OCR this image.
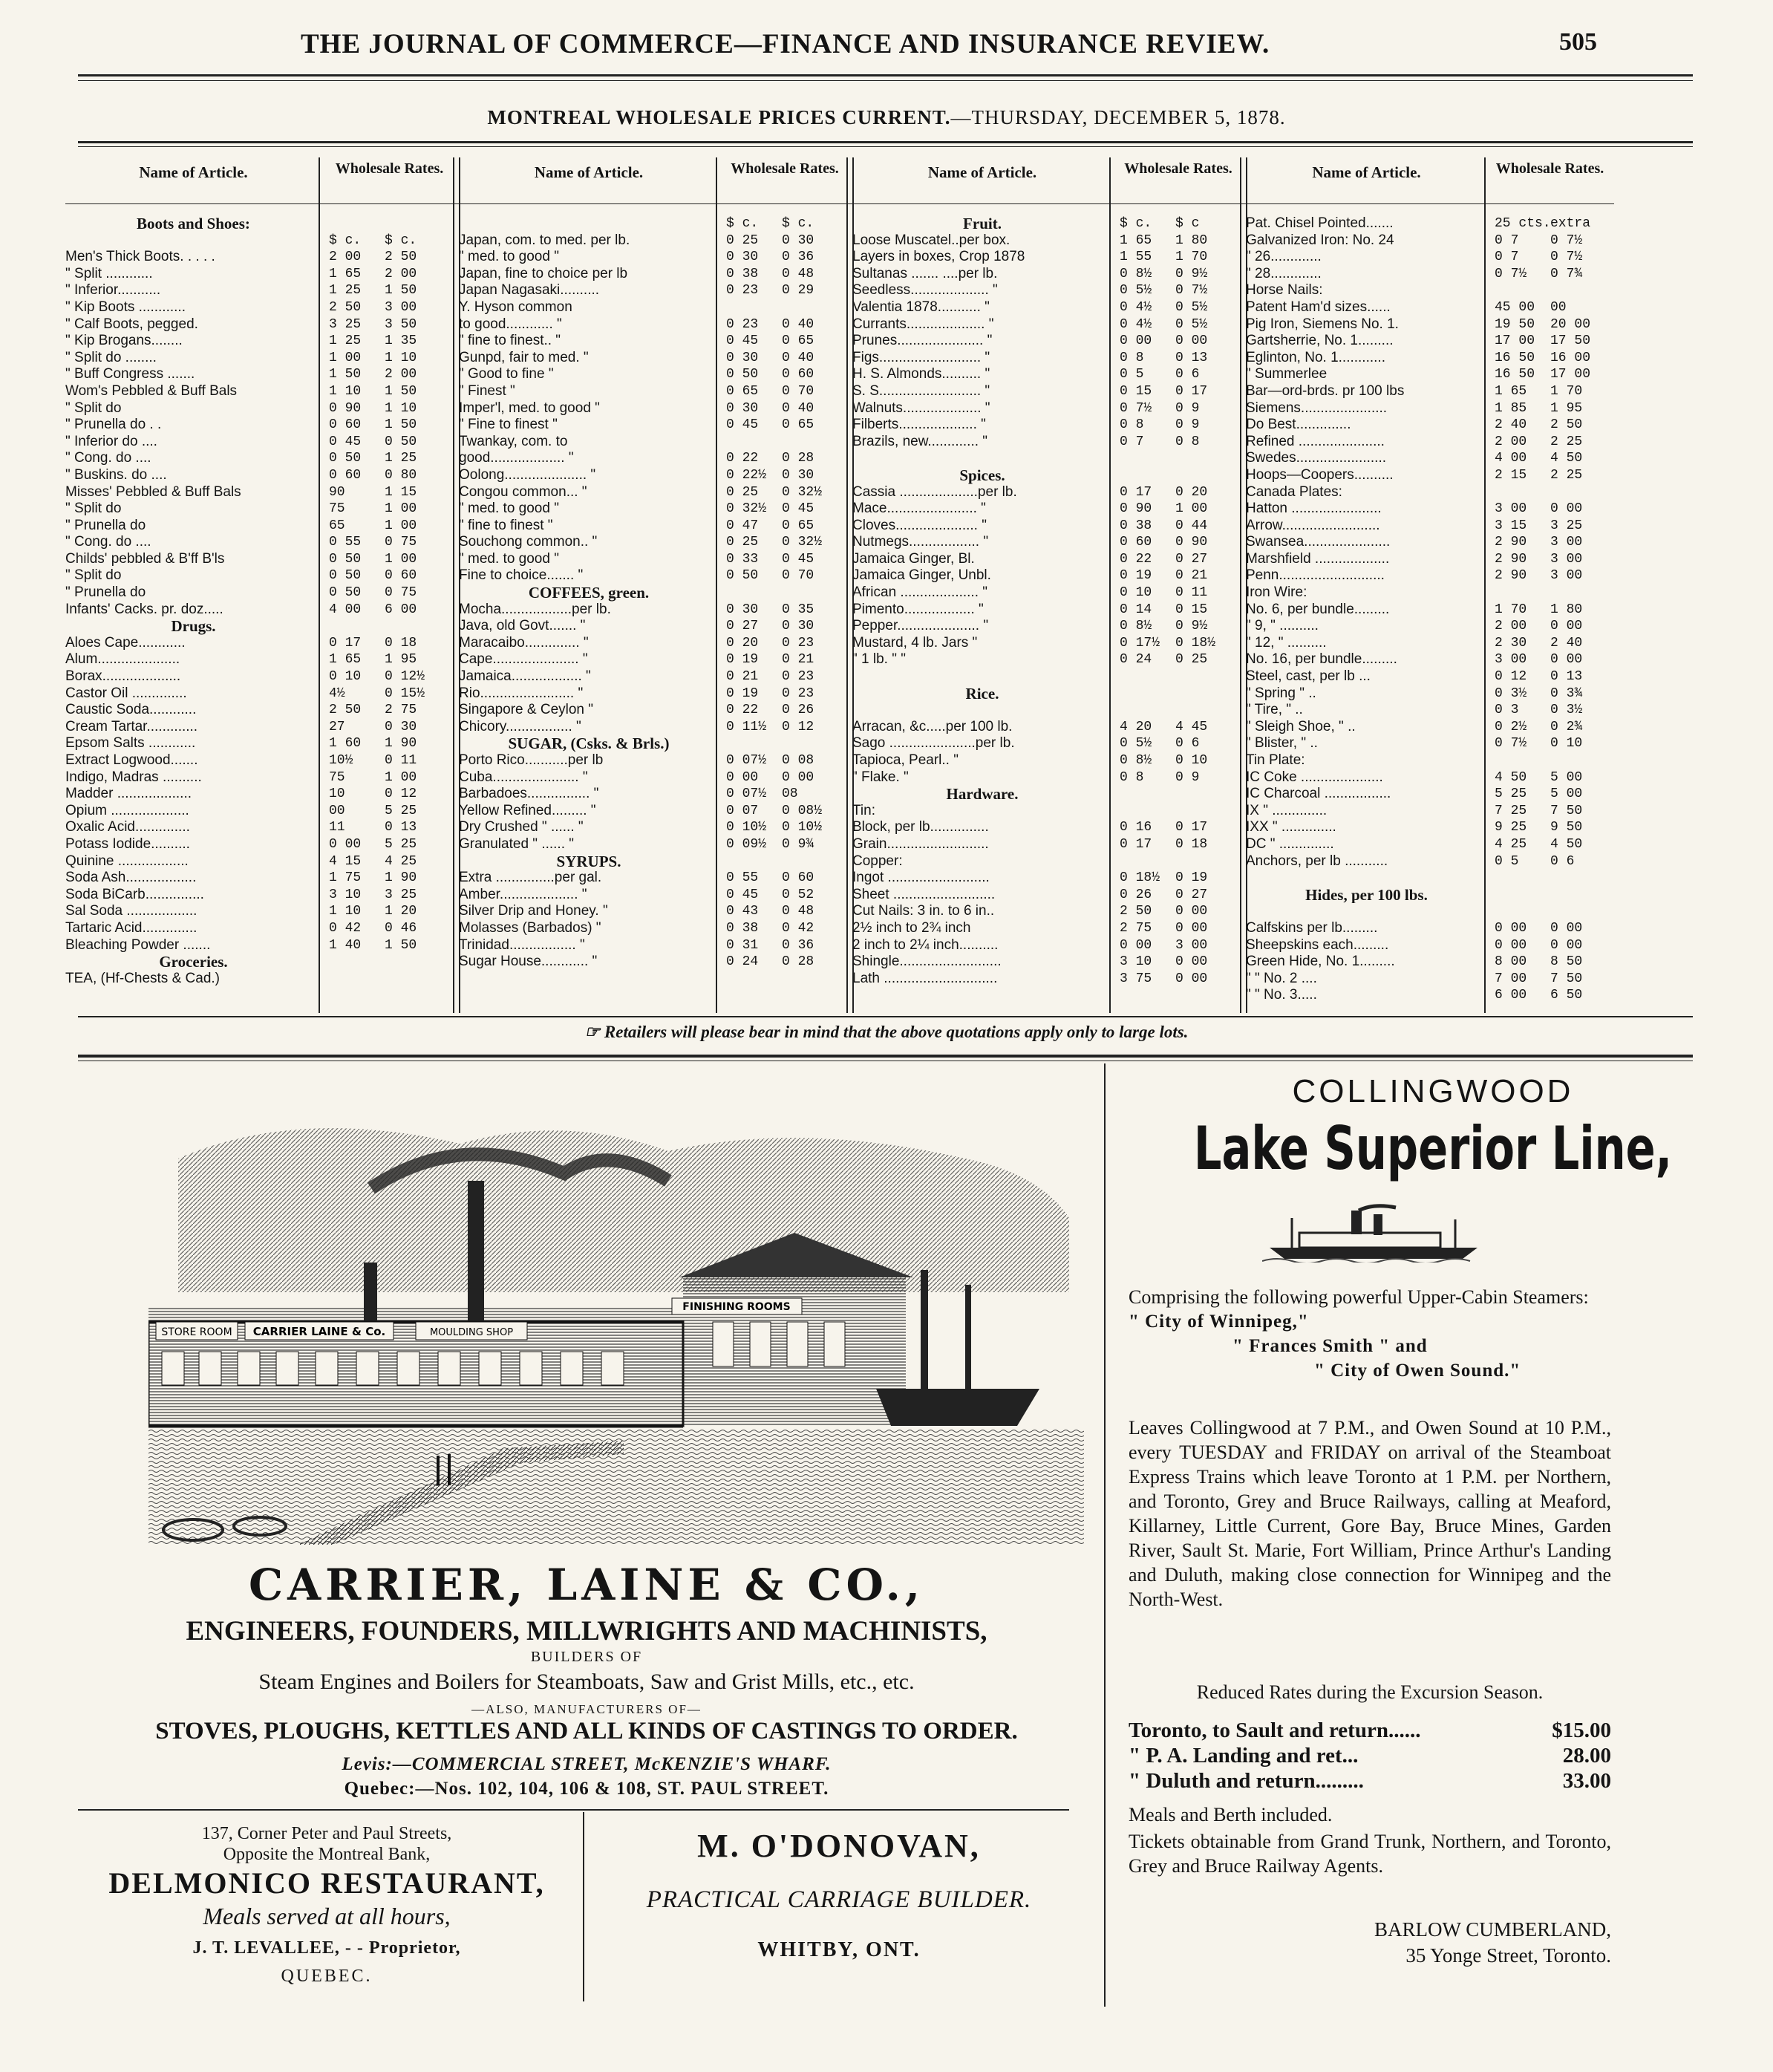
THE JOURNAL OF COMMERCE—FINANCE AND INSURANCE REVIEW.	505
MONTREAL WHOLESALE PRICES CURRENT.—THURSDAY, DECEMBER 5, 1878.
Name of Article.	Wholesale Rates.
Boots and Shoes:
$ c. $ c.
Men's Thick Boots. . . . .	2 00 2 50
" Split ............	1 65 2 00
" Inferior...........	1 25 1 50
" Kip Boots ............	2 50 3 00
" Calf Boots, pegged.	3 25 3 50
" Kip Brogans........	1 25 1 35
" Split do ........	1 00 1 10
" Buff Congress .......	1 50 2 00
Wom's Pebbled & Buff Bals	1 10 1 50
" Split do	0 90 1 10
" Prunella do . .	0 60 1 50
" Inferior do ....	0 45 0 50
" Cong. do ....	0 50 1 25
" Buskins. do ....	0 60 0 80
Misses' Pebbled & Buff Bals	90	1 15
" Split do	75	1 00
" Prunella do	65	1 00
" Cong. do ....	0 55 0 75
Childs' pebbled & B'ff B'ls	0 50 1 00
" Split do	0 50 0 60
" Prunella do	0 50 0 75
Infants' Cacks. pr. doz.....	4 00 6 00
Drugs.
Aloes Cape............	0 17 0 18
Alum.....................	1 65 1 95
Borax....................	0 10 0 12½
Castor Oil ..............	4½	0 15½
Caustic Soda............	2 50 2 75
Cream Tartar.............	27	0 30
Epsom Salts ............	1 60 1 90
Extract Logwood.......	10½ 0 11
Indigo, Madras ..........	75	1 00
Madder ...................	10	0 12
Opium ....................	00	5 25
Oxalic Acid..............	11	0 13
Potass Iodide..........	0 00 5 25
Quinine ..................	4 15 4 25
Soda Ash..................	1 75 1 90
Soda BiCarb...............	3 10 3 25
Sal Soda ..................	1 10 1 20
Tartaric Acid..............	0 42 0 46
Bleaching Powder .......	1 40 1 50
Groceries.
TEA, (Hf-Chests & Cad.)
Name of Article.	Wholesale Rates.
$ c. $ c.
Japan, com. to med. per lb.	0 25 0 30
" med. to good "	0 30 0 36
Japan, fine to choice per lb	0 38 0 48
Japan Nagasaki..........	0 23 0 29
Y. Hyson common
to good............ "	0 23 0 40
" fine to finest.. "	0 45 0 65
Gunpd, fair to med. "	0 30 0 40
" Good to fine "	0 50 0 60
" Finest "	0 65 0 70
Imper'l, med. to good "	0 30 0 40
" Fine to finest "	0 45 0 65
Twankay, com. to
good................... "	0 22 0 28
Oolong..................... "	0 22½ 0 30
Congou common... "	0 25 0 32½
" med. to good "	0 32½ 0 45
" fine to finest "	0 47 0 65
Souchong common.. "	0 25 0 32½
" med. to good "	0 33 0 45
Fine to choice....... "	0 50 0 70
COFFEES, green.
Mocha..................per lb.	0 30 0 35
Java, old Govt....... "	0 27 0 30
Maracaibo.............. "	0 20 0 23
Cape...................... "	0 19 0 21
Jamaica.................. "	0 21 0 23
Rio........................ "	0 19 0 23
Singapore & Ceylon "	0 22 0 26
Chicory................. "	0 11½ 0 12
SUGAR, (Csks. & Brls.)
Porto Rico...........per lb	0 07½ 0 08
Cuba...................... "	0 00 0 00
Barbadoes................ "	0 07½ 08
Yellow Refined......... "	0 07 0 08½
Dry Crushed " ...... "	0 10½ 0 10½
Granulated " ...... "	0 09½ 0 9¾
SYRUPS.
Extra ...............per gal.	0 55 0 60
Amber.................... "	0 45 0 52
Silver Drip and Honey. "	0 43 0 48
Molasses (Barbados) "	0 38 0 42
Trinidad................. "	0 31 0 36
Sugar House............ "	0 24 0 28
Name of Article.	Wholesale Rates.
Fruit.	$ c. $ c
Loose Muscatel..per box.	1 65 1 80
Layers in boxes, Crop 1878	1 55 1 70
Sultanas ....... ....per lb.	0 8½ 0 9½
Seedless.................... "	0 5½ 0 7½
Valentia 1878........... "	0 4½ 0 5½
Currants.................... "	0 4½ 0 5½
Prunes...................... "	0 00 0 00
Figs.......................... "	0 8 0 13
H. S. Almonds.......... "	0 5 0 6
S. S.......................... "	0 15 0 17
Walnuts.................... "	0 7½ 0 9
Filberts.................... "	0 8 0 9
Brazils, new............. "	0 7 0 8
Spices.
Cassia ....................per lb.	0 17 0 20
Mace....................... "	0 90 1 00
Cloves..................... "	0 38 0 44
Nutmegs.................. "	0 60 0 90
Jamaica Ginger, Bl.	0 22 0 27
Jamaica Ginger, Unbl.	0 19 0 21
African .................... "	0 10 0 11
Pimento.................. "	0 14 0 15
Pepper..................... "	0 8½ 0 9½
Mustard, 4 lb. Jars "	0 17½ 0 18½
" 1 lb. " "	0 24 0 25
Rice.
Arracan, &c.....per 100 lb.	4 20 4 45
Sago ......................per lb.	0 5½ 0 6
Tapioca, Pearl.. "	0 8½ 0 10
" Flake. "	0 8 0 9
Hardware.
Tin:
Block, per lb...............	0 16 0 17
Grain..........................	0 17 0 18
Copper:
Ingot ..........................	0 18½ 0 19
Sheet ..........................	0 26 0 27
Cut Nails: 3 in. to 6 in..	2 50 0 00
2½ inch to 2¾ inch	2 75 0 00
2 inch to 2¼ inch..........	0 00 3 00
Shingle..........................	3 10 0 00
Lath .............................	3 75 0 00
Name of Article.	Wholesale Rates.
Pat. Chisel Pointed.......	25 cts. extra
Galvanized Iron: No. 24	0 7 0 7½
" 26.............	0 7 0 7½
" 28.............	0 7½ 0 7¾
Horse Nails:
Patent Ham'd sizes......	45 00 00
Pig Iron, Siemens No. 1.	19 50 20 00
Gartsherrie, No. 1.........	17 00 17 50
Eglinton, No. 1............	16 50 16 00
" Summerlee	16 50 17 00
Bar—ord-brds. pr 100 lbs	1 65 1 70
Siemens......................	1 85 1 95
Do Best..............	2 40 2 50
Refined ......................	2 00 2 25
Swedes.......................	4 00 4 50
Hoops—Coopers..........	2 15 2 25
Canada Plates:
Hatton .......................	3 00 0 00
Arrow.........................	3 15 3 25
Swansea......................	2 90 3 00
Marshfield ...................	2 90 3 00
Penn...........................	2 90 3 00
Iron Wire:
No. 6, per bundle.........	1 70 1 80
" 9, " ..........	2 00 0 00
" 12, " ..........	2 30 2 40
No. 16, per bundle.........	3 00 0 00
Steel, cast, per lb ...	0 12 0 13
" Spring " ..	0 3½ 0 3¾
" Tire, " ..	0 3 0 3½
" Sleigh Shoe, " ..	0 2½ 0 2¾
" Blister, " ..	0 7½ 0 10
Tin Plate:
IC Coke .....................	4 50 5 00
IC Charcoal .................	5 25 5 00
IX " ..............	7 25 7 50
IXX " ..............	9 25 9 50
DC " ..............	4 25 4 50
Anchors, per lb ...........	0 5 0 6
Hides, per 100 lbs.
Calfskins per lb.........	0 00 0 00
Sheepskins each.........	0 00 0 00
Green Hide, No. 1.........	8 00 8 50
" " No. 2 ....	7 00 7 50
" " No. 3.....	6 00 6 50
☞ Retailers will please bear in mind that the above quotations apply only to large lots.
STORE ROOM CARRIER LAINE & Co.	MOULDING SHOP
FINISHING ROOMS
CARRIER, LAINE & CO.,
ENGINEERS, FOUNDERS, MILLWRIGHTS AND MACHINISTS,
BUILDERS OF
Steam Engines and Boilers for Steamboats, Saw and Grist Mills, etc., etc.
—ALSO, MANUFACTURERS OF—
STOVES, PLOUGHS, KETTLES AND ALL KINDS OF CASTINGS TO ORDER.
Levis:—COMMERCIAL STREET, McKENZIE'S WHARF.
Quebec:—Nos. 102, 104, 106 & 108, ST. PAUL STREET.
137, Corner Peter and Paul Streets,
Opposite the Montreal Bank,
DELMONICO RESTAURANT,
Meals served at all hours,
J. T. LEVALLEE, - - Proprietor,
QUEBEC.
M. O'DONOVAN,
PRACTICAL CARRIAGE BUILDER.
WHITBY, ONT.
COLLINGWOOD
Lake Superior Line,
Comprising the following powerful Upper-Cabin Steamers:
" City of Winnipeg,"
" Frances Smith " and
" City of Owen Sound."
Leaves Collingwood at 7 P.M., and Owen Sound at 10 P.M., every TUESDAY and FRIDAY on arrival of the Steamboat Express Trains which leave Toronto at 1 P.M. per Northern, and Toronto, Grey and Bruce Railways, calling at Meaford, Killarney, Little Current, Gore Bay, Bruce Mines, Garden River, Sault St. Marie, Fort William, Prince Arthur's Landing and Duluth, making close connection for Winnipeg and the North-West.
Reduced Rates during the Excursion Season.
Toronto, to Sault and return......	$15.00
" P. A. Landing and ret...	28.00
" Duluth and return.........	33.00
Meals and Berth included.
Tickets obtainable from Grand Trunk, Northern, and Toronto, Grey and Bruce Railway Agents.
BARLOW CUMBERLAND,
35 Yonge Street, Toronto.
